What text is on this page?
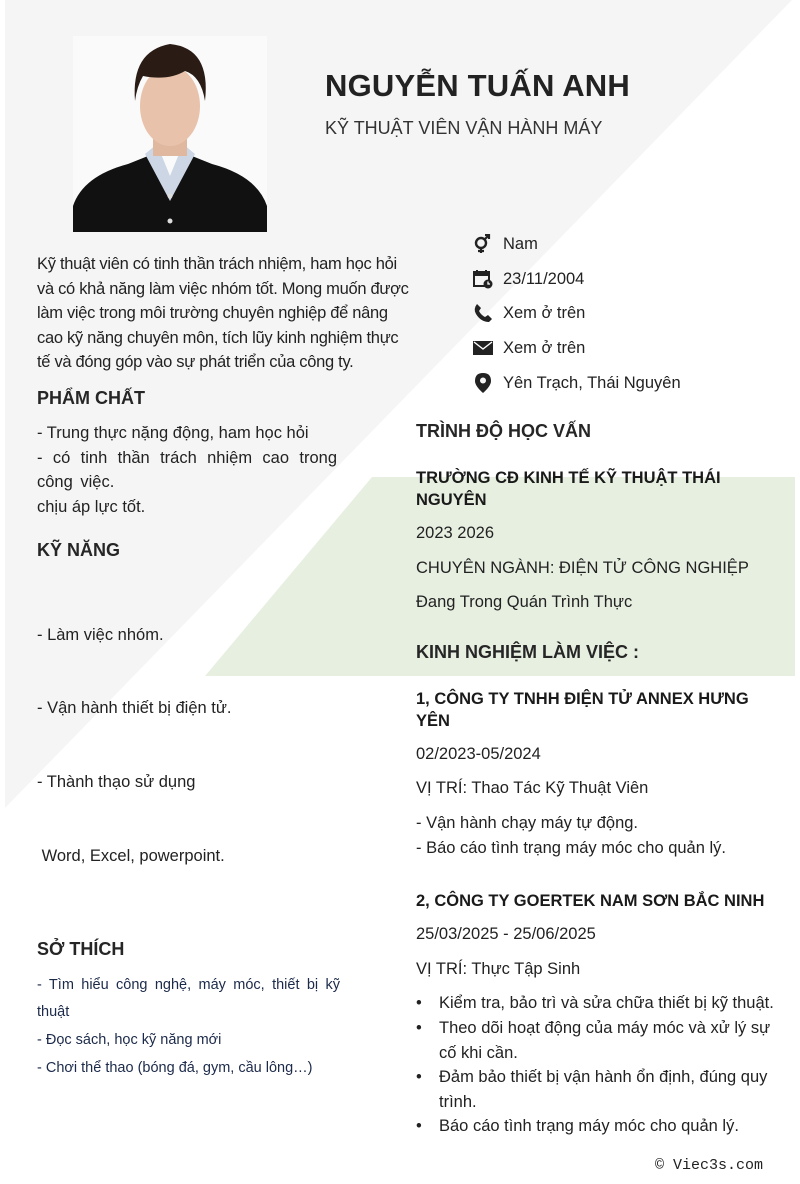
NGUYỄN TUẤN ANH
KỸ THUẬT VIÊN VẬN HÀNH MÁY
Nam
23/11/2004
Xem ở trên
Xem ở trên
Yên Trạch, Thái Nguyên
Kỹ thuật viên có tinh thần trách nhiệm, ham học hỏi và có khả năng làm việc nhóm tốt. Mong muốn được làm việc trong môi trường chuyên nghiệp để nâng cao kỹ năng chuyên môn, tích lũy kinh nghiệm thực tế và đóng góp vào sự phát triển của công ty.
PHẨM CHẤT
- Trung thực nặng động, ham học hỏi
- có tinh thần trách nhiệm cao trong công việc.
chịu áp lực tốt.
KỸ NĂNG

- Làm việc nhóm.

- Vận hành thiết bị điện tử.

- Thành thạo sử dụng

Word, Excel, powerpoint.

SỞ THÍCH
- Tìm hiểu công nghệ, máy móc, thiết bị kỹ thuật
- Đọc sách, học kỹ năng mới
- Chơi thể thao (bóng đá, gym, cầu lông…)
TRÌNH ĐỘ HỌC VẤN
TRƯỜNG CĐ KINH TẾ KỸ THUẬT THÁI NGUYÊN
2023 2026
CHUYÊN NGÀNH: ĐIỆN TỬ CÔNG NGHIỆP
Đang Trong Quán Trình Thực
KINH NGHIỆM LÀM VIỆC :
1, CÔNG TY TNHH ĐIỆN TỬ ANNEX HƯNG YÊN
02/2023-05/2024
VỊ TRÍ: Thao Tác Kỹ Thuật Viên
- Vận hành chạy máy tự động.
- Báo cáo tình trạng máy móc cho quản lý.
2, CÔNG TY GOERTEK NAM SƠN BẮC NINH
25/03/2025 - 25/06/2025
VỊ TRÍ: Thực Tập Sinh
•	Kiểm tra, bảo trì và sửa chữa thiết bị kỹ thuật.
•	Theo dõi hoạt động của máy móc và xử lý sự cố khi cần.
•	Đảm bảo thiết bị vận hành ổn định, đúng quy trình.
•	Báo cáo tình trạng máy móc cho quản lý.
© Viec3s.com
